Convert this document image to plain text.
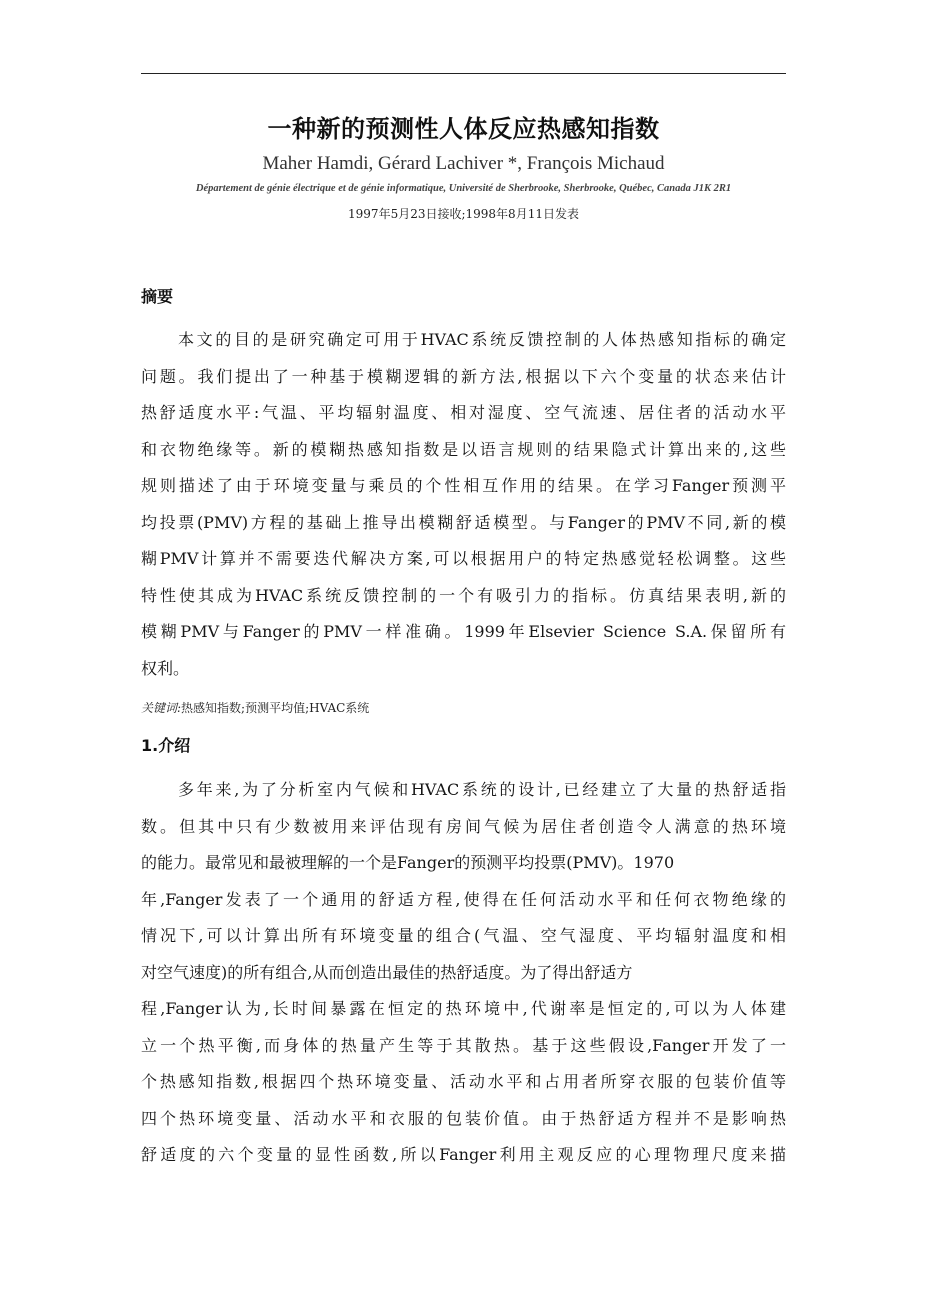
一种新的预测性人体反应热感知指数
Maher Hamdi, Gérard Lachiver *, François Michaud
Département de génie électrique et de génie informatique, Université de Sherbrooke, Sherbrooke, Québec, Canada J1K 2R1
1997年5月23日接收;1998年8月11日发表
摘要
本文的目的是研究确定可用于HVAC系统反馈控制的人体热感知指标的确定
问题。我们提出了一种基于模糊逻辑的新方法,根据以下六个变量的状态来估计
热舒适度水平:气温、平均辐射温度、相对湿度、空气流速、居住者的活动水平
和衣物绝缘等。新的模糊热感知指数是以语言规则的结果隐式计算出来的,这些
规则描述了由于环境变量与乘员的个性相互作用的结果。在学习Fanger预测平
均投票(PMV)方程的基础上推导出模糊舒适模型。与Fanger的PMV不同,新的模
糊PMV计算并不需要迭代解决方案,可以根据用户的特定热感觉轻松调整。这些
特性使其成为HVAC系统反馈控制的一个有吸引力的指标。仿真结果表明,新的
模糊PMV与Fanger的PMV一样准确。1999年Elsevier Science S.A.保留所有
权利。
关键词:热感知指数;预测平均值;HVAC系统
1.介绍
多年来,为了分析室内气候和HVAC系统的设计,已经建立了大量的热舒适指
数。但其中只有少数被用来评估现有房间气候为居住者创造令人满意的热环境
的能力。最常见和最被理解的一个是Fanger的预测平均投票(PMV)。1970
年,Fanger发表了一个通用的舒适方程,使得在任何活动水平和任何衣物绝缘的
情况下,可以计算出所有环境变量的组合(气温、空气湿度、平均辐射温度和相
对空气速度)的所有组合,从而创造出最佳的热舒适度。为了得出舒适方
程,Fanger认为,长时间暴露在恒定的热环境中,代谢率是恒定的,可以为人体建
立一个热平衡,而身体的热量产生等于其散热。基于这些假设,Fanger开发了一
个热感知指数,根据四个热环境变量、活动水平和占用者所穿衣服的包装价值等
四个热环境变量、活动水平和衣服的包装价值。由于热舒适方程并不是影响热
舒适度的六个变量的显性函数,所以Fanger利用主观反应的心理物理尺度来描
